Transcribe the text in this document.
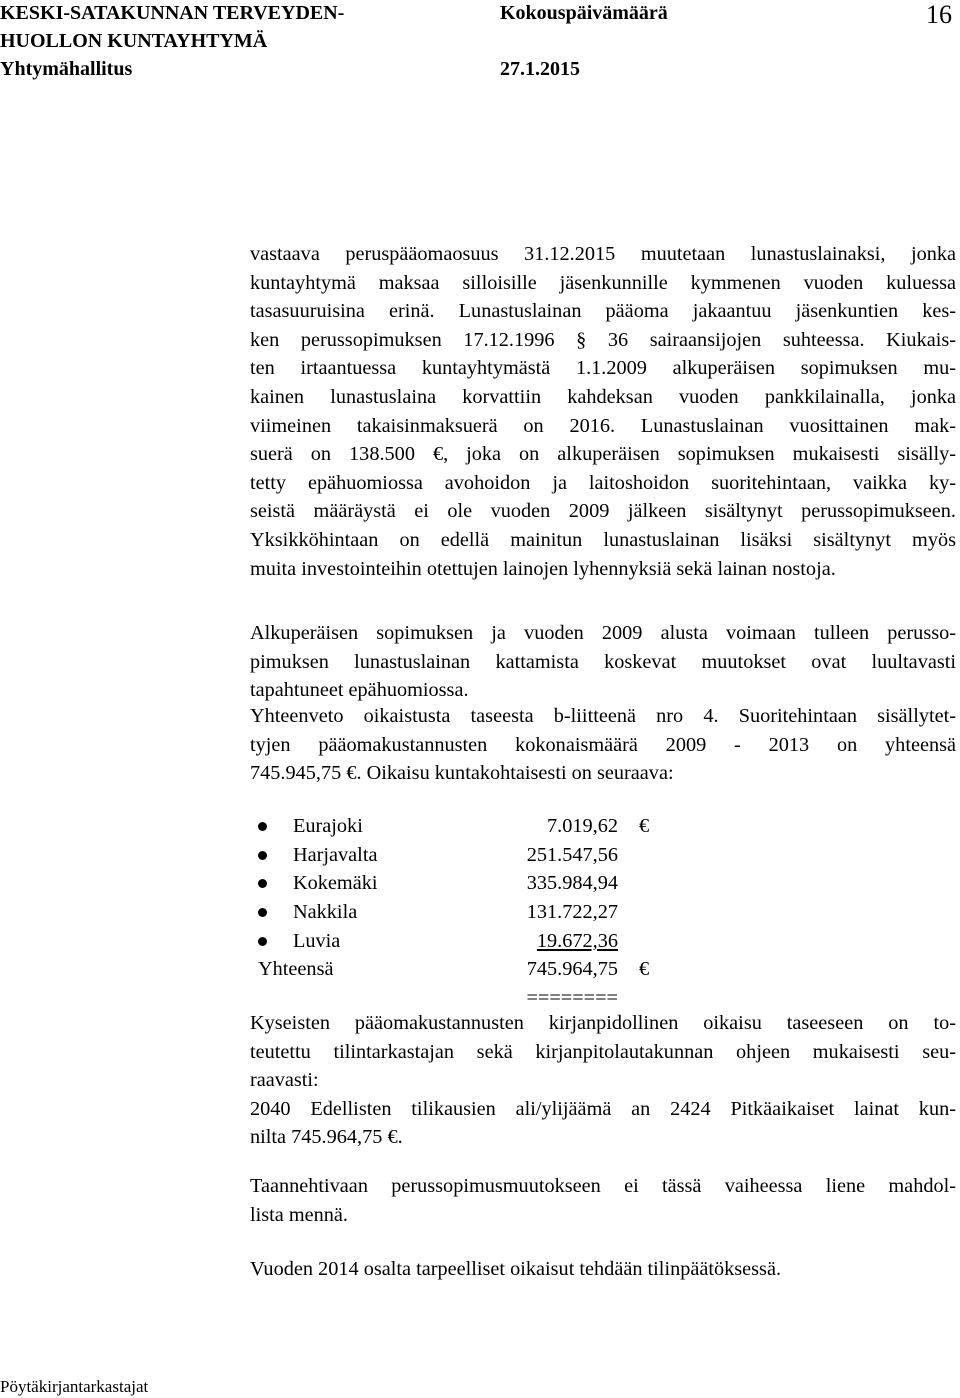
KESKI-SATAKUNNAN TERVEYDEN-
HUOLLON KUNTAYHTYMÄ
Yhtymähallitus
Kokouspäivämäärä
27.1.2015
16

vastaava peruspääomaosuus 31.12.2015 muutetaan lunastuslainaksi, jonka
kuntayhtymä maksaa silloisille jäsenkunnille kymmenen vuoden kuluessa
tasasuuruisina erinä. Lunastuslainan pääoma jakaantuu jäsenkuntien kes-
ken perussopimuksen 17.12.1996 § 36 sairaansijojen suhteessa. Kiukais-
ten irtaantuessa kuntayhtymästä 1.1.2009 alkuperäisen sopimuksen mu-
kainen lunastuslaina korvattiin kahdeksan vuoden pankkilainalla, jonka
viimeinen takaisinmaksuerä on 2016. Lunastuslainan vuosittainen mak-
suerä on 138.500 €, joka on alkuperäisen sopimuksen mukaisesti sisälly-
tetty epähuomiossa avohoidon ja laitoshoidon suoritehintaan, vaikka ky-
seistä määräystä ei ole vuoden 2009 jälkeen sisältynyt perussopimukseen.
Yksikköhintaan on edellä mainitun lunastuslainan lisäksi sisältynyt myös
muita investointeihin otettujen lainojen lyhennyksiä sekä lainan nostoja.

Alkuperäisen sopimuksen ja vuoden 2009 alusta voimaan tulleen perusso-
pimuksen lunastuslainan kattamista koskevat muutokset ovat luultavasti
tapahtuneet epähuomiossa.

Yhteenveto oikaistusta taseesta b-liitteenä nro 4. Suoritehintaan sisällytet-
tyjen pääomakustannusten kokonaismäärä 2009 - 2013 on yhteensä
745.945,75 €. Oikaisu kuntakohtaisesti on seuraava:

Eurajoki	7.019,62 €
Harjavalta	251.547,56
Kokemäki	335.984,94
Nakkila	131.722,27
Luvia	19.672,36
Yhteensä	745.964,75 €
========

Kyseisten pääomakustannusten kirjanpidollinen oikaisu taseeseen on to-
teutettu tilintarkastajan sekä kirjanpitolautakunnan ohjeen mukaisesti seu-
raavasti:
2040 Edellisten tilikausien ali/ylijäämä an 2424 Pitkäaikaiset lainat kun-
nilta 745.964,75 €.

Taannehtivaan perussopimusmuutokseen ei tässä vaiheessa liene mahdol-
lista mennä.

Vuoden 2014 osalta tarpeelliset oikaisut tehdään tilinpäätöksessä.

Pöytäkirjantarkastajat
